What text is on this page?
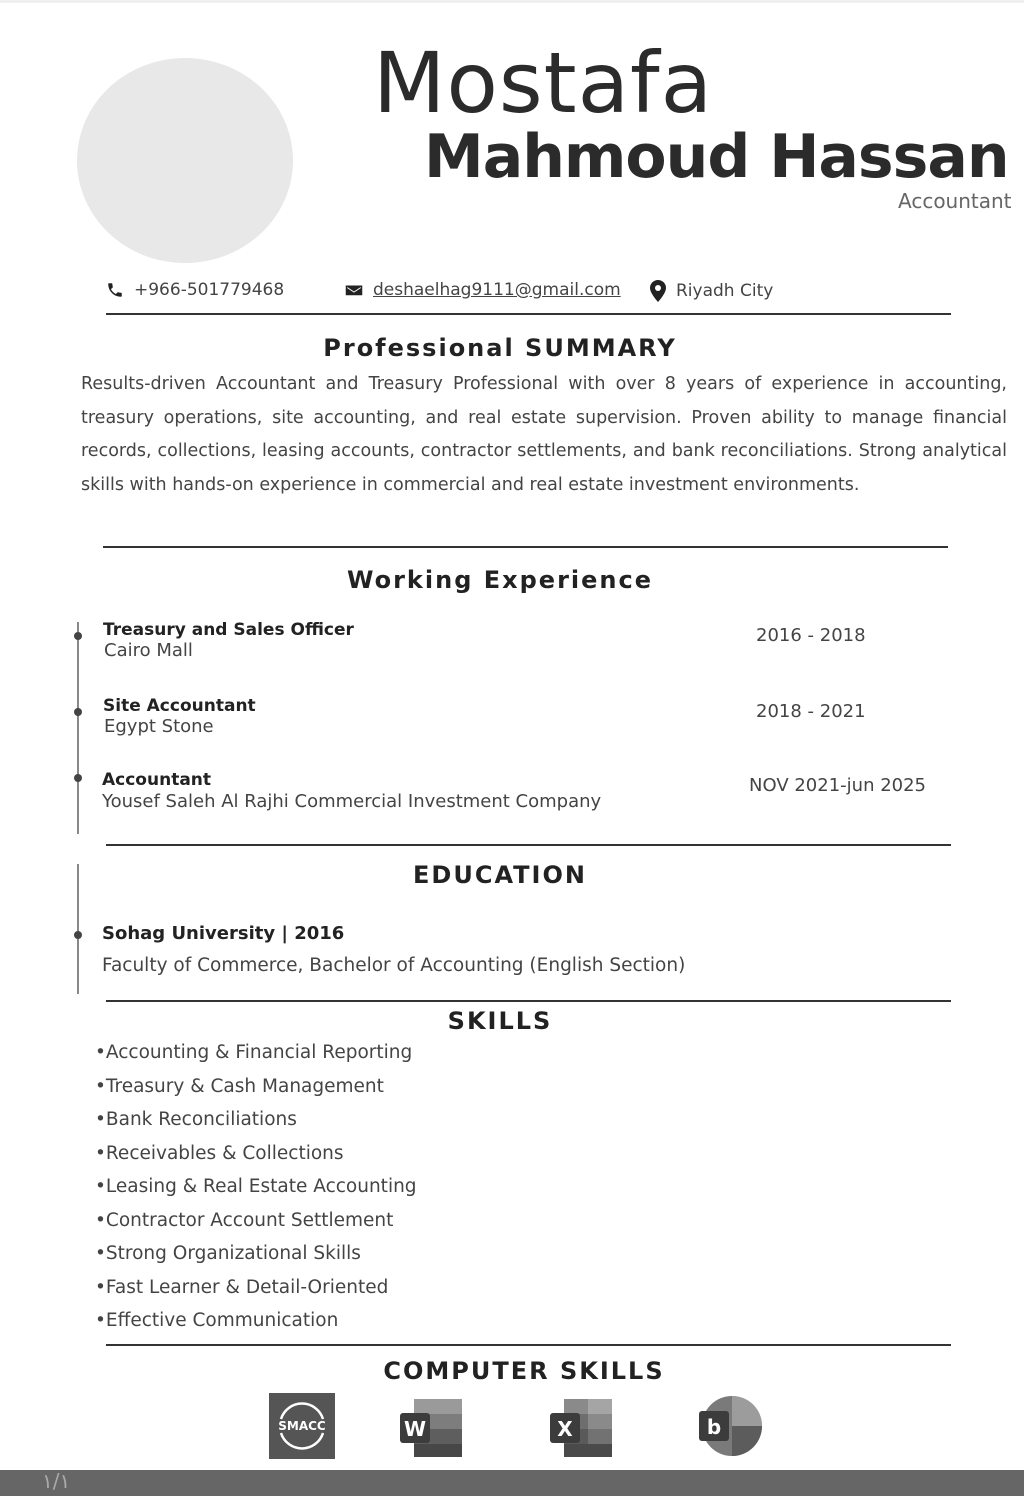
Mostafa
Mahmoud Hassan
Accountant
+966-501779468	deshaelhag9111@gmail.com	Riyadh City
Professional SUMMARY
Results-driven Accountant and Treasury Professional with over 8 years of experience in accounting, treasury operations, site accounting, and real estate supervision. Proven ability to manage financial records, collections, leasing accounts, contractor settlements, and bank reconciliations. Strong analytical skills with hands-on experience in commercial and real estate investment environments.
Working Experience
Treasury and Sales Officer
Cairo Mall
2016 - 2018
Site Accountant
Egypt Stone
2018 - 2021
Accountant
Yousef Saleh Al Rajhi Commercial Investment Company
NOV 2021-jun 2025
EDUCATION
Sohag University | 2016
Faculty of Commerce, Bachelor of Accounting (English Section)
SKILLS
•Accounting & Financial Reporting
•Treasury & Cash Management
•Bank Reconciliations
•Receivables & Collections
•Leasing & Real Estate Accounting
•Contractor Account Settlement
•Strong Organizational Skills
•Fast Learner & Detail-Oriented
•Effective Communication
COMPUTER SKILLS
SMACC	W	X	b
١/١
